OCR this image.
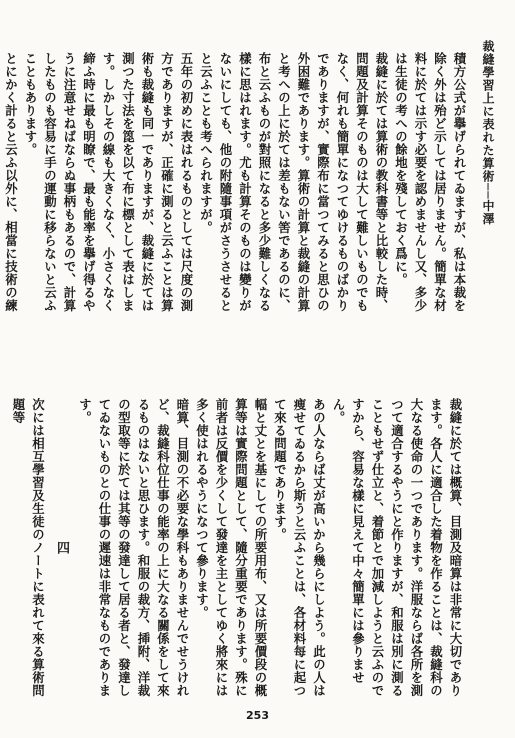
裁縫學習上に表れた算術──中澤

積方公式が擧げられてゐますが、私は本裁を除く外は殆ど示しては居りません。簡單な材料に於ては示す必要を認めませんし又、多少は生徒の考への餘地を殘しておく爲に。

裁縫に於ては算術の教科書等と比較した時、問題及計算そのものは大して難しいものでもなく、何れも簡單になつてゆけるものばかりでありますが、實際布に當つてみると思ひの外困難であります。算術の計算と裁縫の計算と考への上に於ては差もない筈であるのに、布と云ふものが對照になると多少難しくなる樣に思はれます。尤も計算そのものは變りがないにしても、他の附隨事項がさうさせるとと云ふことも考へられますが。

五年の初めに表はれるものとしては尺度の測方でありますが、正確に測ると云ふことは算術も裁縫も同一でありますが、裁縫に於ては測つた寸法を箆を以て布に標として表はします。しかしその線も大きくなく、小さくなく締ふ時に最も明瞭で、最も能率を擧げ得るやうに注意せねばならぬ事柄もあるので、計算したものも容易に手の運動に移らないと云ふこともあります。

とにかく計ると云ふ以外に、相當に技術の練

裁縫に於ては概算、目測及暗算は非常に大切であります。各人に適合した着物を作ることは、裁縫科の大なる使命の一つであります。洋服ならば各所を測つて適合するやうにと作りますが、和服は別に測ることもせず仕立と、着節とで加減しようと云ふのですから、容易な樣に見えて中々簡單には參りません。

あの人ならば丈が高いから幾らにしよう。此の人は痩せてゐるから斯うと云ふことは、各材料每に起つて來る問題であります。

幅と丈とを基にしての所要用布、又は所要價段の概算等は實際問題として、隨分重要であります。殊に前者は反價を少くして發達を主としてゆく將來には多く使はれるやうになつて參ります。

暗算、目測の不必要な學科もありませんでせうけれど、裁縫科位仕事の能率の上に大なる關係をして來るものはないと思ひます。和服の裁方、揷附、洋裁の型取等に於ては其等の發達して居る者と、發達してゐないものとの仕事の遲速は非常なものであります。

四

次には相互學習及生徒のノートに表れて來る算術問題等

253
